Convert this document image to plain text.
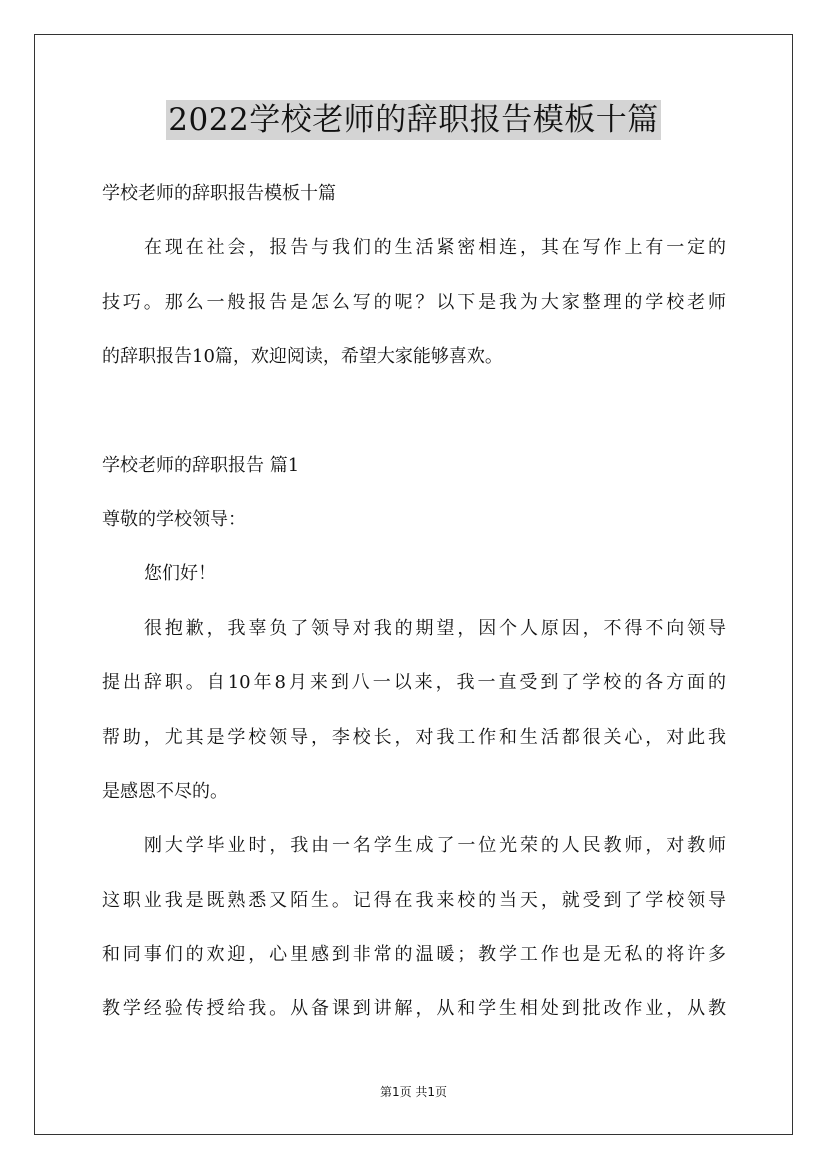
2022学校老师的辞职报告模板十篇
学校老师的辞职报告模板十篇
在现在社会，报告与我们的生活紧密相连，其在写作上有一定的
技巧。那么一般报告是怎么写的呢？以下是我为大家整理的学校老师
的辞职报告10篇，欢迎阅读，希望大家能够喜欢。
学校老师的辞职报告 篇1
尊敬的学校领导：
您们好！
很抱歉，我辜负了领导对我的期望，因个人原因，不得不向领导
提出辞职。自10年8月来到八一以来，我一直受到了学校的各方面的
帮助，尤其是学校领导，李校长，对我工作和生活都很关心，对此我
是感恩不尽的。
刚大学毕业时，我由一名学生成了一位光荣的人民教师，对教师
这职业我是既熟悉又陌生。记得在我来校的当天，就受到了学校领导
和同事们的欢迎，心里感到非常的温暖；教学工作也是无私的将许多
教学经验传授给我。从备课到讲解，从和学生相处到批改作业，从教
第1页 共1页
